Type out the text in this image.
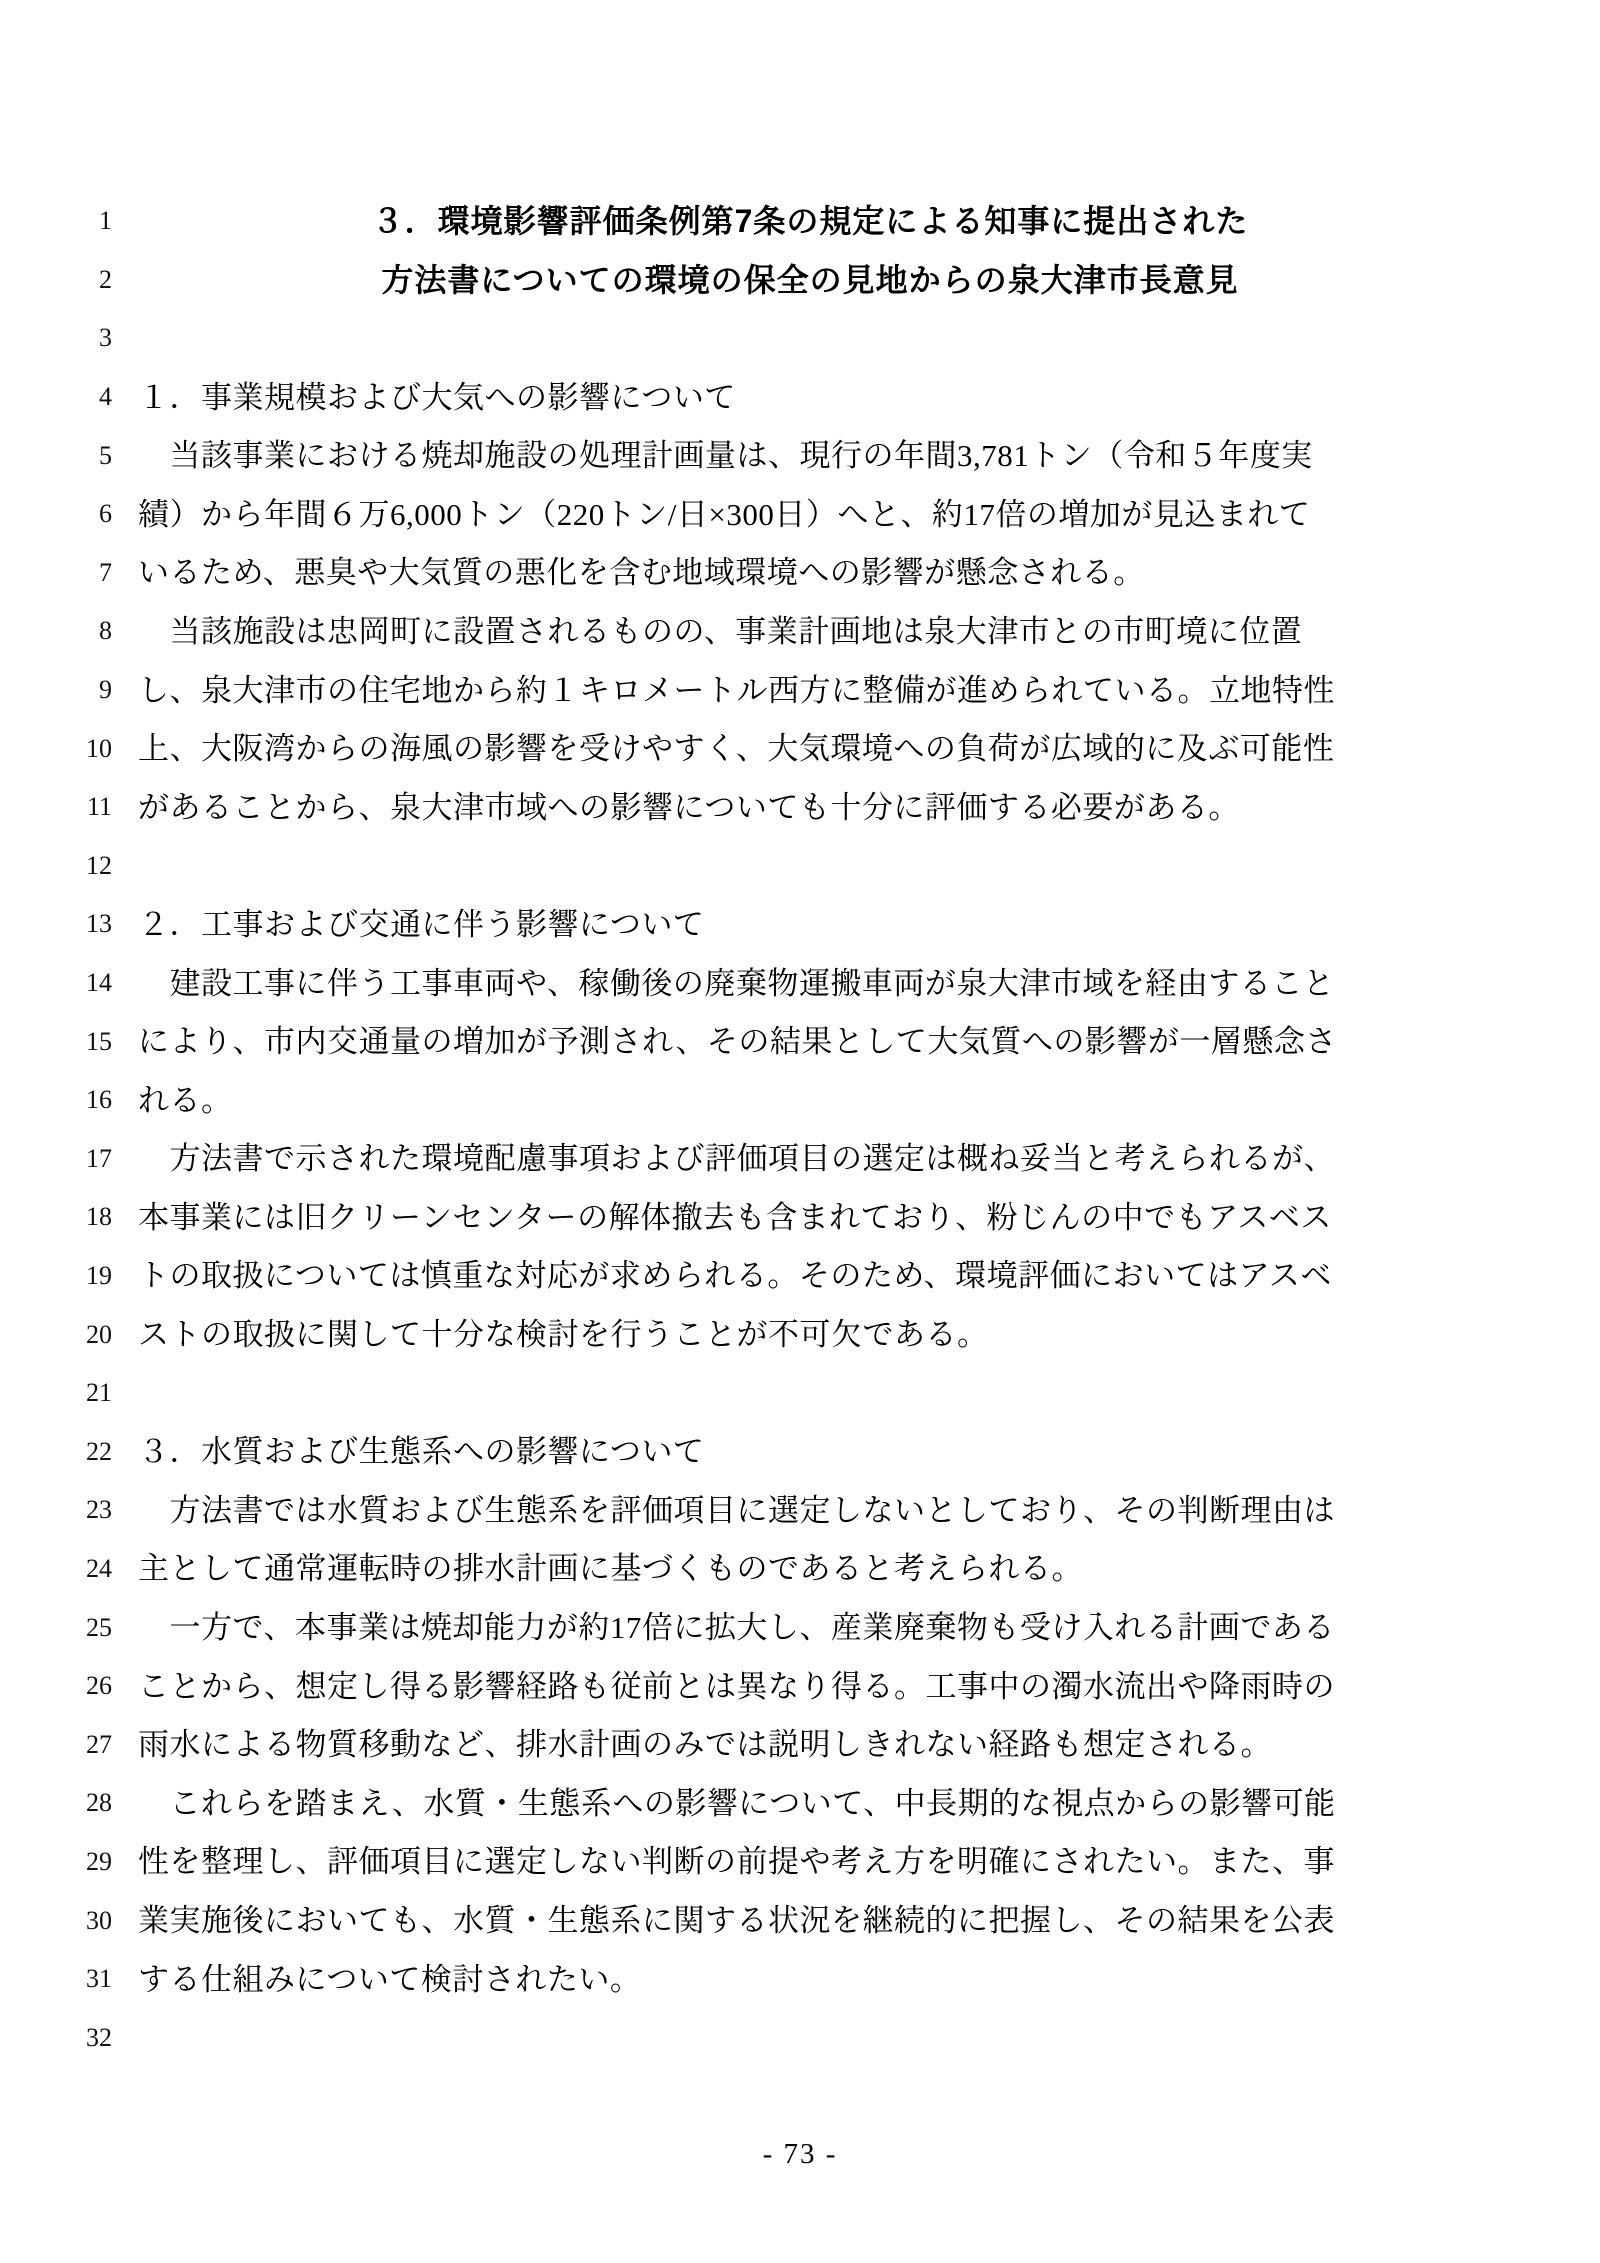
1	３．環境影響評価条例第7条の規定による知事に提出された
2	方法書についての環境の保全の見地からの泉大津市長意見
3
4 １．事業規模および大気への影響について
5 　当該事業における焼却施設の処理計画量は、現行の年間3,781トン（令和５年度実
6 績）から年間６万6,000トン（220トン/日×300日）へと、約17倍の増加が見込まれて
7 いるため、悪臭や大気質の悪化を含む地域環境への影響が懸念される。
8 　当該施設は忠岡町に設置されるものの、事業計画地は泉大津市との市町境に位置
9 し、泉大津市の住宅地から約１キロメートル西方に整備が進められている。立地特性
10 上、大阪湾からの海風の影響を受けやすく、大気環境への負荷が広域的に及ぶ可能性
11 があることから、泉大津市域への影響についても十分に評価する必要がある。
12
13 ２．工事および交通に伴う影響について
14 　建設工事に伴う工事車両や、稼働後の廃棄物運搬車両が泉大津市域を経由すること
15 により、市内交通量の増加が予測され、その結果として大気質への影響が一層懸念さ
16 れる。
17 　方法書で示された環境配慮事項および評価項目の選定は概ね妥当と考えられるが、
18 本事業には旧クリーンセンターの解体撤去も含まれており、粉じんの中でもアスベス
19 トの取扱については慎重な対応が求められる。そのため、環境評価においてはアスベ
20 ストの取扱に関して十分な検討を行うことが不可欠である。
21
22 ３．水質および生態系への影響について
23 　方法書では水質および生態系を評価項目に選定しないとしており、その判断理由は
24 主として通常運転時の排水計画に基づくものであると考えられる。
25 　一方で、本事業は焼却能力が約17倍に拡大し、産業廃棄物も受け入れる計画である
26 ことから、想定し得る影響経路も従前とは異なり得る。工事中の濁水流出や降雨時の
27 雨水による物質移動など、排水計画のみでは説明しきれない経路も想定される。
28 　これらを踏まえ、水質・生態系への影響について、中長期的な視点からの影響可能
29 性を整理し、評価項目に選定しない判断の前提や考え方を明確にされたい。また、事
30 業実施後においても、水質・生態系に関する状況を継続的に把握し、その結果を公表
31 する仕組みについて検討されたい。
32
- 73 -
